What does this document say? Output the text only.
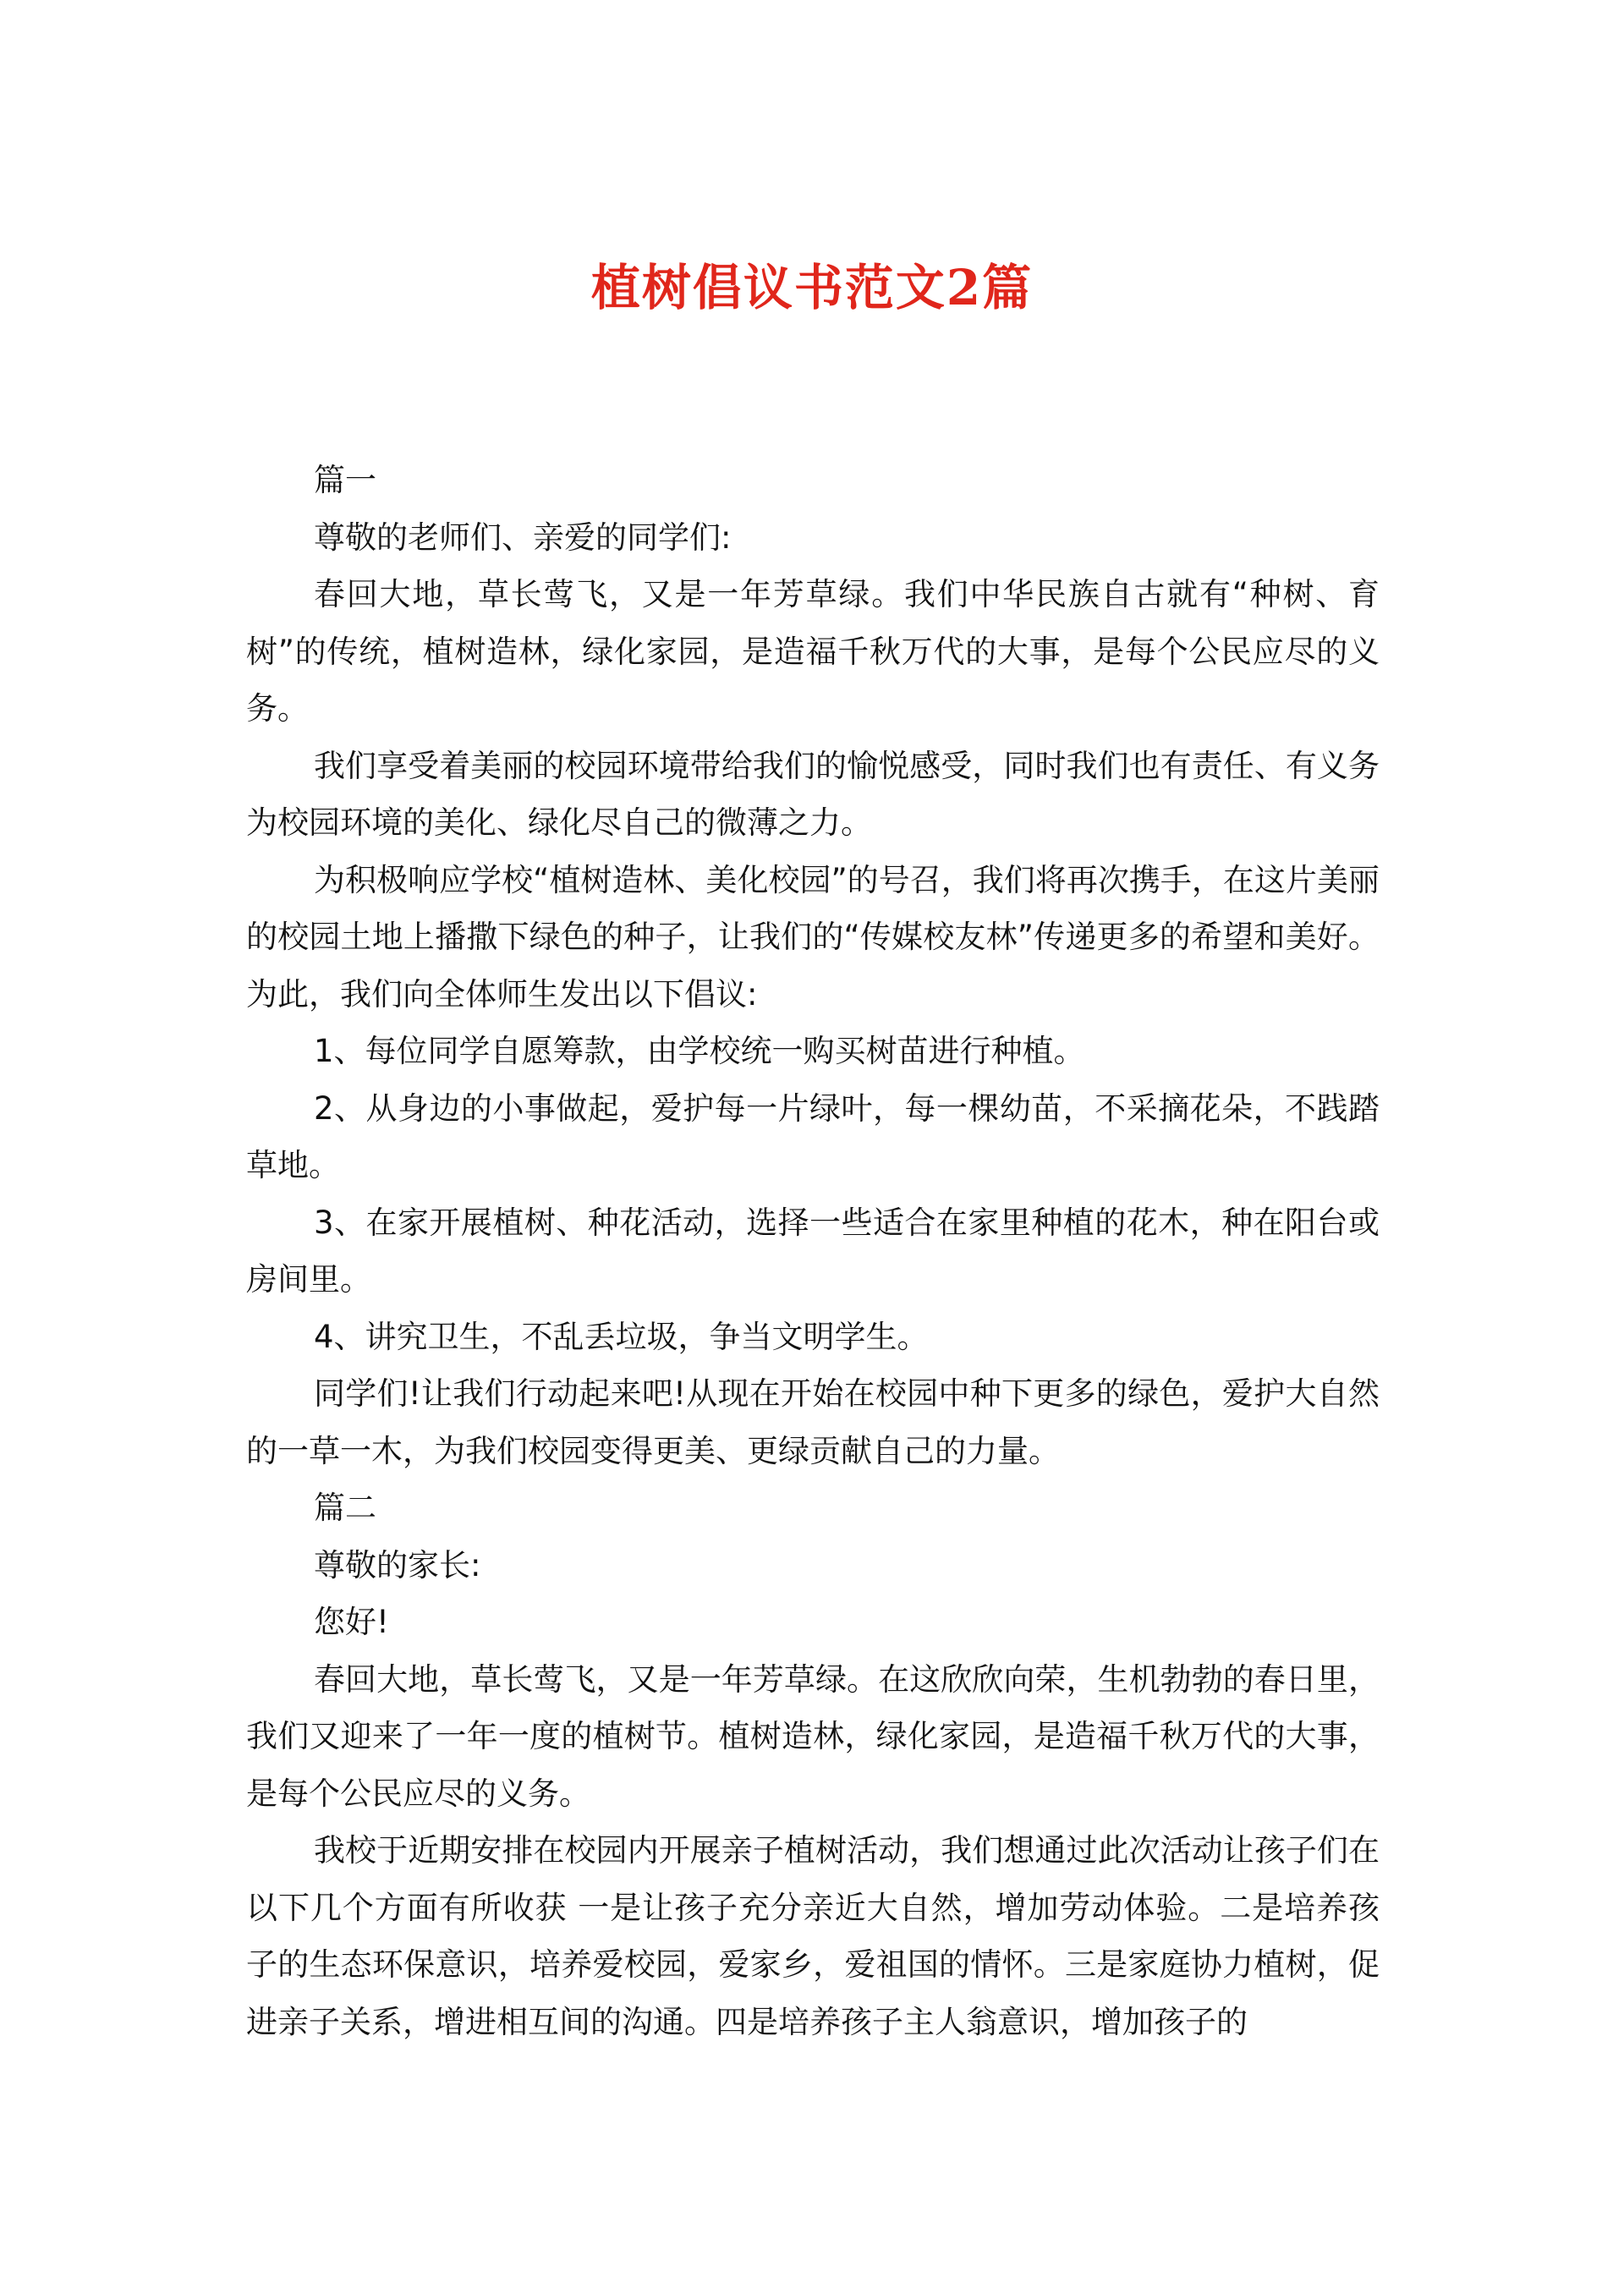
植树倡议书范文2篇

篇一

尊敬的老师们、亲爱的同学们:

春回大地，草长莺飞，又是一年芳草绿。我们中华民族自古就有“种树、育树”的传统，植树造林，绿化家园，是造福千秋万代的大事，是每个公民应尽的义务。

我们享受着美丽的校园环境带给我们的愉悦感受，同时我们也有责任、有义务为校园环境的美化、绿化尽自己的微薄之力。

为积极响应学校“植树造林、美化校园”的号召，我们将再次携手，在这片美丽的校园土地上播撒下绿色的种子，让我们的“传媒校友林”传递更多的希望和美好。为此，我们向全体师生发出以下倡议:

1、每位同学自愿筹款，由学校统一购买树苗进行种植。

2、从身边的小事做起，爱护每一片绿叶，每一棵幼苗，不采摘花朵，不践踏草地。

3、在家开展植树、种花活动，选择一些适合在家里种植的花木，种在阳台或房间里。

4、讲究卫生，不乱丢垃圾，争当文明学生。

同学们!让我们行动起来吧!从现在开始在校园中种下更多的绿色，爱护大自然的一草一木，为我们校园变得更美、更绿贡献自己的力量。

篇二

尊敬的家长:

您好!

春回大地，草长莺飞，又是一年芳草绿。在这欣欣向荣，生机勃勃的春日里，我们又迎来了一年一度的植树节。植树造林，绿化家园，是造福千秋万代的大事，是每个公民应尽的义务。

我校于近期安排在校园内开展亲子植树活动，我们想通过此次活动让孩子们在以下几个方面有所收获 一是让孩子充分亲近大自然，增加劳动体验。二是培养孩子的生态环保意识，培养爱校园，爱家乡，爱祖国的情怀。三是家庭协力植树，促进亲子关系，增进相互间的沟通。四是培养孩子主人翁意识，增加孩子的
